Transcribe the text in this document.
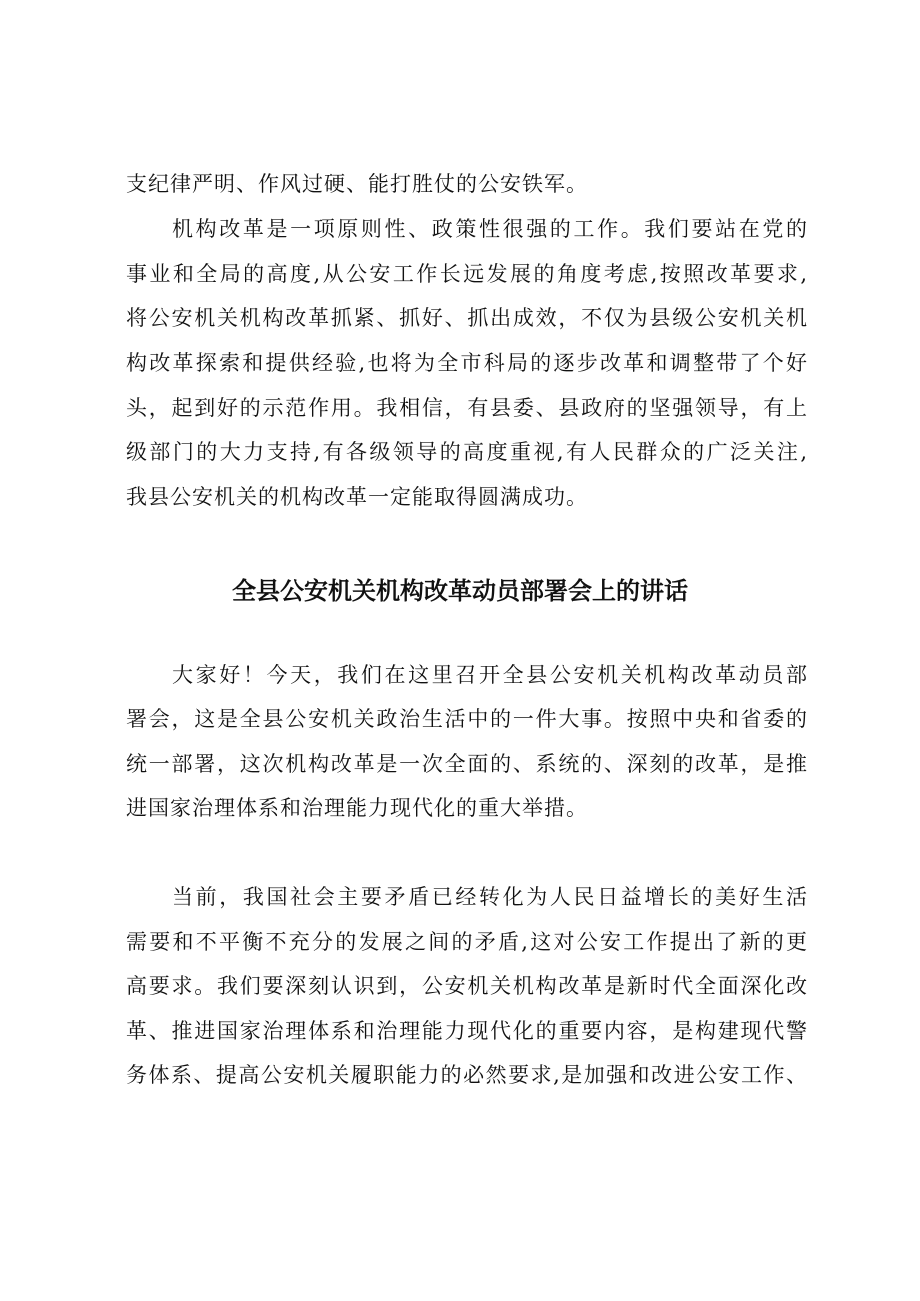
支纪律严明、作风过硬、能打胜仗的公安铁军。
机构改革是一项原则性、政策性很强的工作。我们要站在党的
事业和全局的高度,从公安工作长远发展的角度考虑,按照改革要求,
将公安机关机构改革抓紧、抓好、抓出成效，不仅为县级公安机关机
构改革探索和提供经验,也将为全市科局的逐步改革和调整带了个好
头，起到好的示范作用。我相信，有县委、县政府的坚强领导，有上
级部门的大力支持,有各级领导的高度重视,有人民群众的广泛关注,
我县公安机关的机构改革一定能取得圆满成功。
全县公安机关机构改革动员部署会上的讲话
大家好！今天，我们在这里召开全县公安机关机构改革动员部
署会，这是全县公安机关政治生活中的一件大事。按照中央和省委的
统一部署，这次机构改革是一次全面的、系统的、深刻的改革，是推
进国家治理体系和治理能力现代化的重大举措。
当前，我国社会主要矛盾已经转化为人民日益增长的美好生活
需要和不平衡不充分的发展之间的矛盾,这对公安工作提出了新的更
高要求。我们要深刻认识到，公安机关机构改革是新时代全面深化改
革、推进国家治理体系和治理能力现代化的重要内容，是构建现代警
务体系、提高公安机关履职能力的必然要求,是加强和改进公安工作、
